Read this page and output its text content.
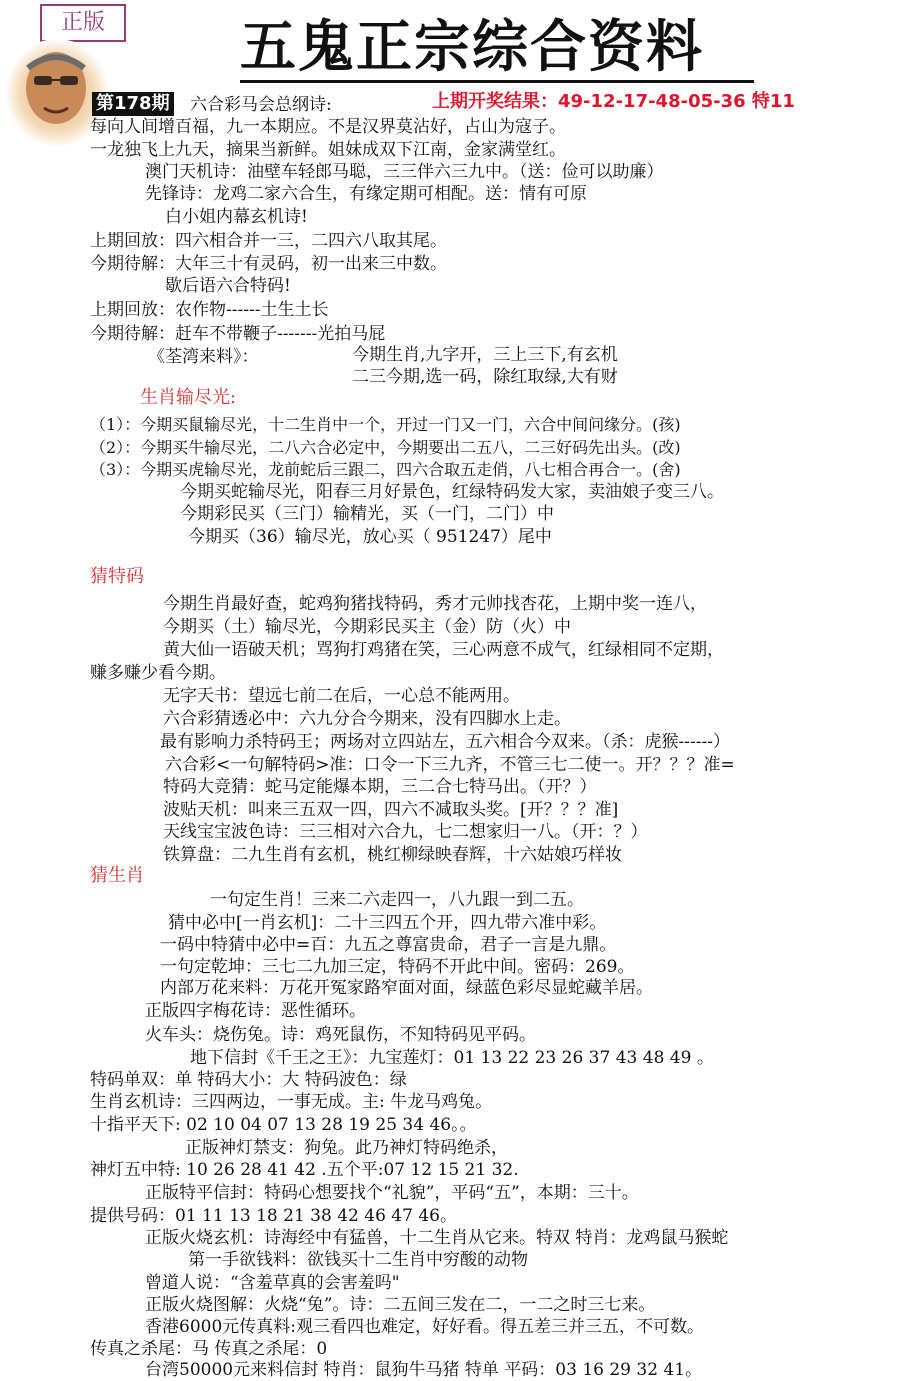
正版	五鬼正宗综合资料
第178期	上期开奖结果：49-12-17-48-05-36 特11
六合彩马会总纲诗:
每向人间增百福，九一本期应。不是汉界莫沾好，占山为寇子。
一龙独飞上九天，摘果当新鲜。姐妹成双下江南，金家满堂红。
澳门天机诗：油壁车轻郎马聪，三三伴六三九中。（送：俭可以助廉）
先锋诗：龙鸡二家六合生，有缘定期可相配。送：情有可原
白小姐内幕玄机诗!
上期回放：四六相合并一三，二四六八取其尾。
今期待解：大年三十有灵码，初一出来三中数。
歇后语六合特码!
上期回放：农作物------土生土长
今期待解：赶车不带鞭子-------光拍马屁
《荃湾来料》：	今期生肖,九字开，三上三下,有玄机
二三今期,选一码，除红取绿,大有财
生肖输尽光:
（1）：今期买鼠输尽光，十二生肖中一个，开过一门又一门，六合中间问缘分。(孩)
（2）：今期买牛输尽光，二八六合必定中，今期要出二五八，二三好码先出头。(改)
（3）：今期买虎输尽光，龙前蛇后三跟二，四六合取五走俏，八七相合再合一。(舍)
今期买蛇输尽光，阳春三月好景色，红绿特码发大家，卖油娘子变三八。
今期彩民买（三门）输精光，买（一门，二门）中
今期买（36）输尽光，放心买（ 951247）尾中
猜特码
今期生肖最好查，蛇鸡狗猪找特码，秀才元帅找杏花，上期中奖一连八，
今期买（土）输尽光，今期彩民买主（金）防（火）中
黄大仙一语破天机；骂狗打鸡猪在笑，三心两意不成气，红绿相同不定期，
赚多赚少看今期。
无字天书：望远七前二在后，一心总不能两用。
六合彩猜透必中：六九分合今期来，没有四脚水上走。
最有影响力杀特码王；两场对立四站左，五六相合今双来。（杀：虎猴------）
六合彩<一句解特码>准：口令一下三九齐，不管三七二使一。开？？？准=
特码大竞猜：蛇马定能爆本期，三二合七特马出。（开？）
波贴天机：叫来三五双一四，四六不减取头奖。[开？？？准]
天线宝宝波色诗：三三相对六合九，七二想家归一八。（开：？）
铁算盘：二九生肖有玄机，桃红柳绿映春辉，十六姑娘巧样妆
猜生肖
一句定生肖！三来二六走四一，八九跟一到二五。
猜中必中[一肖玄机]：二十三四五个开，四九带六准中彩。
一码中特猜中必中=百：九五之尊富贵命，君子一言是九鼎。
一句定乾坤：三七二九加三定，特码不开此中间。密码：269。
内部万花来料：万花开冤家路窄面对面，绿蓝色彩尽显蛇藏羊居。
正版四字梅花诗：恶性循环。
火车头：烧伤兔。诗：鸡死鼠伤，不知特码见平码。
地下信封《千王之王》：九宝莲灯：01 13 22 23 26 37 43 48 49 。
特码单双：单 特码大小：大 特码波色：绿
生肖玄机诗：三四两边，一事无成。主: 牛龙马鸡兔。
十指平天下: 02 10 04 07 13 28 19 25 34 46。。
正版神灯禁支：狗兔。此乃神灯特码绝杀，
神灯五中特: 10 26 28 41 42 .五个平:07 12 15 21 32.
正版特平信封：特码心想要找个“礼貌”，平码“五”，本期：三十。
提供号码：01 11 13 18 21 38 42 46 47 46。
正版火烧玄机：诗海经中有猛兽，十二生肖从它来。特双 特肖：龙鸡鼠马猴蛇
第一手欲钱料：欲钱买十二生肖中穷酸的动物
曾道人说：“含羞草真的会害羞吗"
正版火烧图解：火烧“兔”。诗：二五间三发在二，一二之时三七来。
香港6000元传真料:观三看四也难定，好好看。得五差三并三五，不可数。
传真之杀尾：马 传真之杀尾：0
台湾50000元来料信封 特肖：鼠狗牛马猪 特单 平码：03 16 29 32 41。
